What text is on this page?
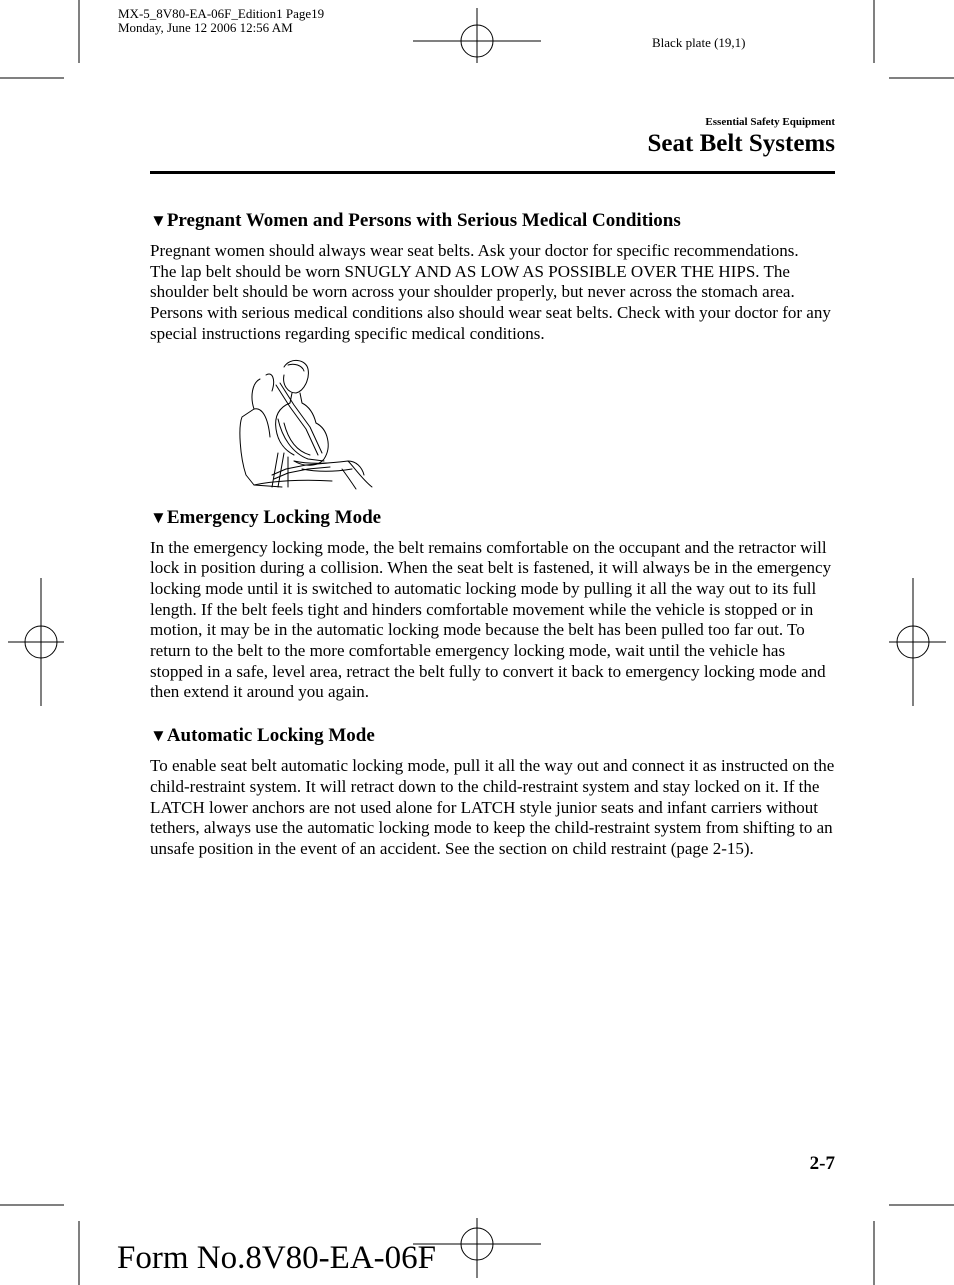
MX-5_8V80-EA-06F_Edition1 Page19
Monday, June 12 2006 12:56 AM
Black plate (19,1)
Essential Safety Equipment
Seat Belt Systems
▼Pregnant Women and Persons with Serious Medical Conditions

Pregnant women should always wear seat belts. Ask your doctor for specific recommendations.

The lap belt should be worn SNUGLY AND AS LOW AS POSSIBLE OVER THE HIPS. The shoulder belt should be worn across your shoulder properly, but never across the stomach area.

Persons with serious medical conditions also should wear seat belts. Check with your doctor for any special instructions regarding specific medical conditions.

▼Emergency Locking Mode

In the emergency locking mode, the belt remains comfortable on the occupant and the retractor will lock in position during a collision. When the seat belt is fastened, it will always be in the emergency locking mode until it is switched to automatic locking mode by pulling it all the way out to its full length. If the belt feels tight and hinders comfortable movement while the vehicle is stopped or in motion, it may be in the automatic locking mode because the belt has been pulled too far out. To return to the belt to the more comfortable emergency locking mode, wait until the vehicle has stopped in a safe, level area, retract the belt fully to convert it back to emergency locking mode and then extend it around you again.

▼Automatic Locking Mode

To enable seat belt automatic locking mode, pull it all the way out and connect it as instructed on the child-restraint system. It will retract down to the child-restraint system and stay locked on it. If the LATCH lower anchors are not used alone for LATCH style junior seats and infant carriers without tethers, always use the automatic locking mode to keep the child-restraint system from shifting to an unsafe position in the event of an accident. See the section on child restraint (page 2-15).

2-7
Form No.8V80-EA-06F
